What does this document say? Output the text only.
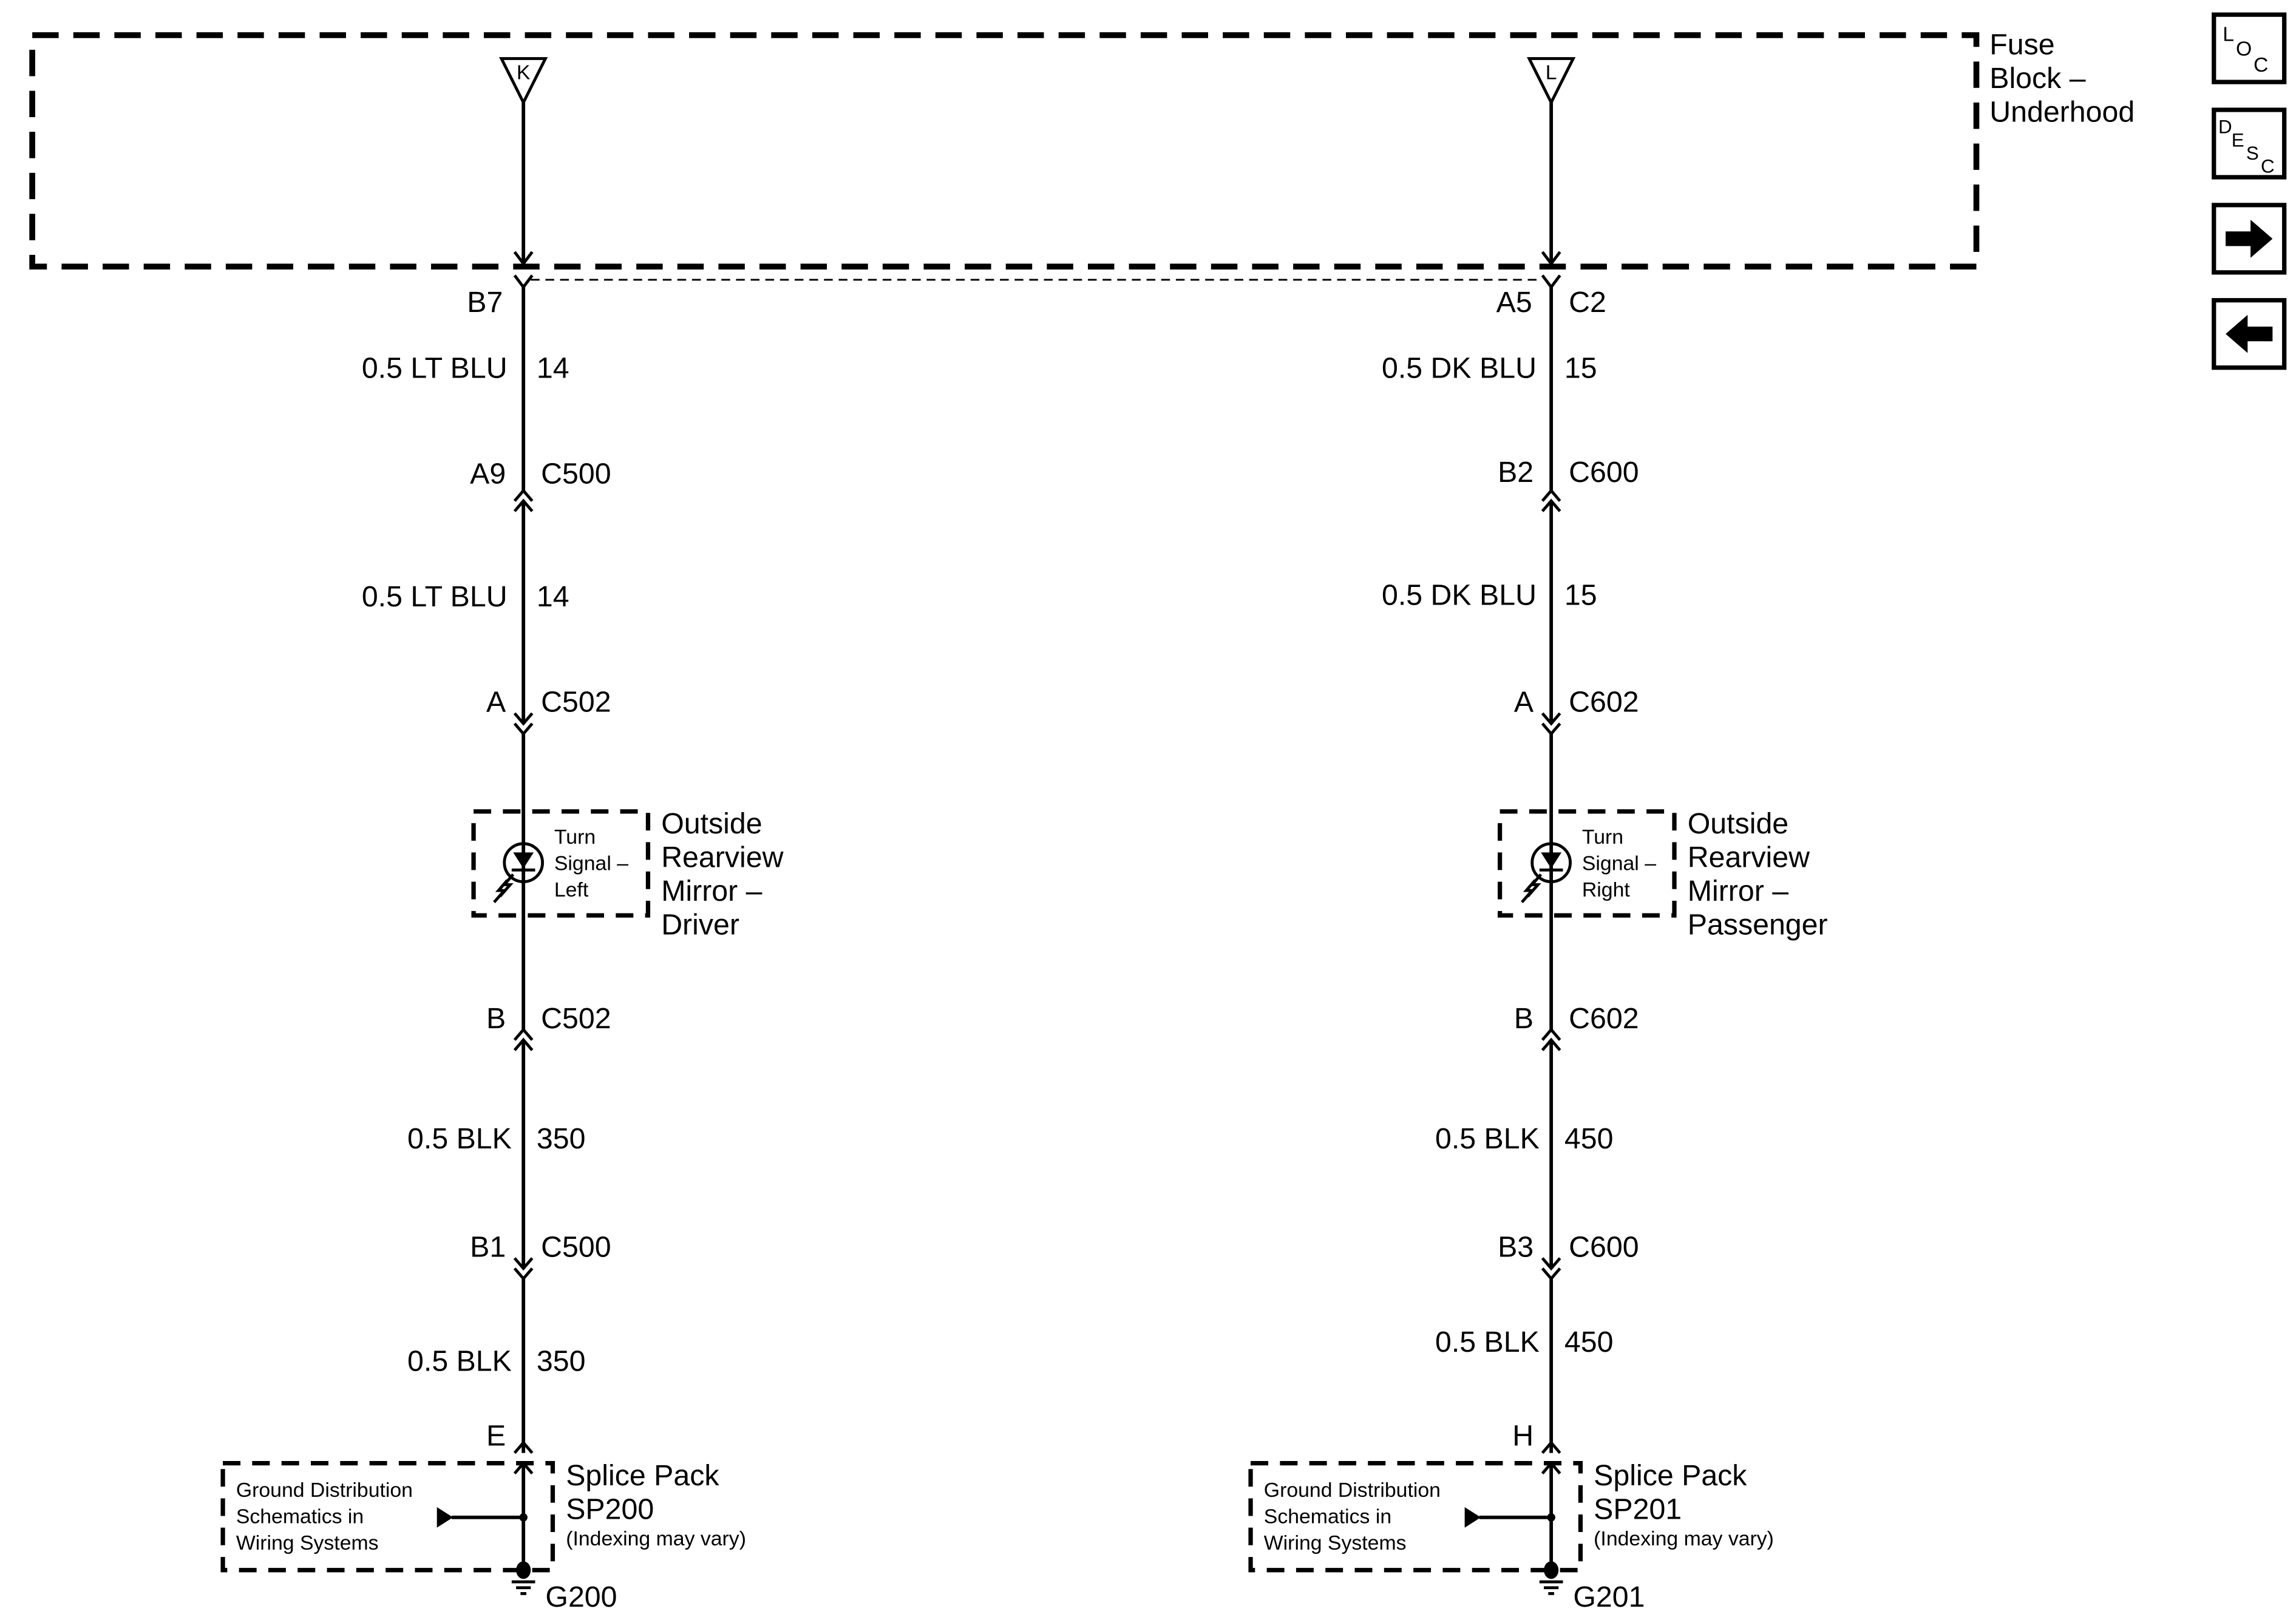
Fuse
Block –
Underhood
K
B7
0.5 LT BLU 14
A9	C500
0.5 LT BLU 14
A	C502
Turn
Signal –
Left
Outside
Rearview
Mirror –
Driver
B	C502
0.5 BLK 350
B1	C500
0.5 BLK 350
E
Ground Distribution
Schematics in
Wiring Systems
Splice Pack
SP200
(Indexing may vary)
G200
L
A5	C2
0.5 DK BLU 15
B2	C600
0.5 DK BLU 15
A	C602
Turn
Signal –
Right
Outside
Rearview
Mirror –
Passenger
B	C602
0.5 BLK 450
B3	C600
0.5 BLK 450
H
Ground Distribution
Schematics in
Wiring Systems
Splice Pack
SP201
(Indexing may vary)
G201
L
O
C
D
E
S
C
